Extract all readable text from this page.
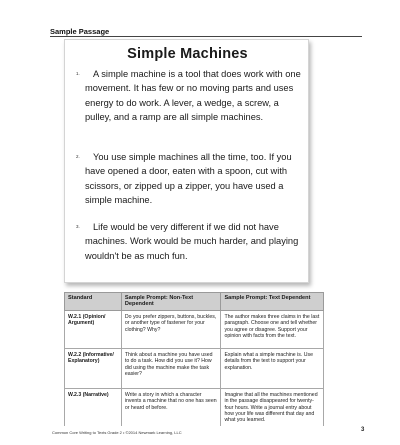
Sample Passage
Simple Machines
1.	A simple machine is a tool that does work with one movement. It has few or no moving parts and uses energy to do work. A lever, a wedge, a screw, a pulley, and a ramp are all simple machines.
2.	You use simple machines all the time, too. If you have opened a door, eaten with a spoon, cut with scissors, or zipped up a zipper, you have used a simple machine.
3.	Life would be very different if we did not have machines. Work would be much harder, and playing wouldn't be as much fun.
Standard	Sample Prompt: Non-Text Dependent	Sample Prompt: Text Dependent
W.2.1 (Opinion/ Argument)	Do you prefer zippers, buttons, buckles, or another type of fastener for your clothing? Why?	The author makes three claims in the last paragraph. Choose one and tell whether you agree or disagree. Support your opinion with facts from the text.
W.2.2 (Informative/ Explanatory)	Think about a machine you have used to do a task. How did you use it? How did using the machine make the task easier?	Explain what a simple machine is. Use details from the text to support your explanation.
W.2.3 (Narrative)	Write a story in which a character invents a machine that no one has seen or heard of before.	Imagine that all the machines mentioned in the passage disappeared for twenty-four hours. Write a journal entry about how your life was different that day and what you learned.
Common Core Writing to Texts Grade 2 • ©2014 Newmark Learning, LLC	3
